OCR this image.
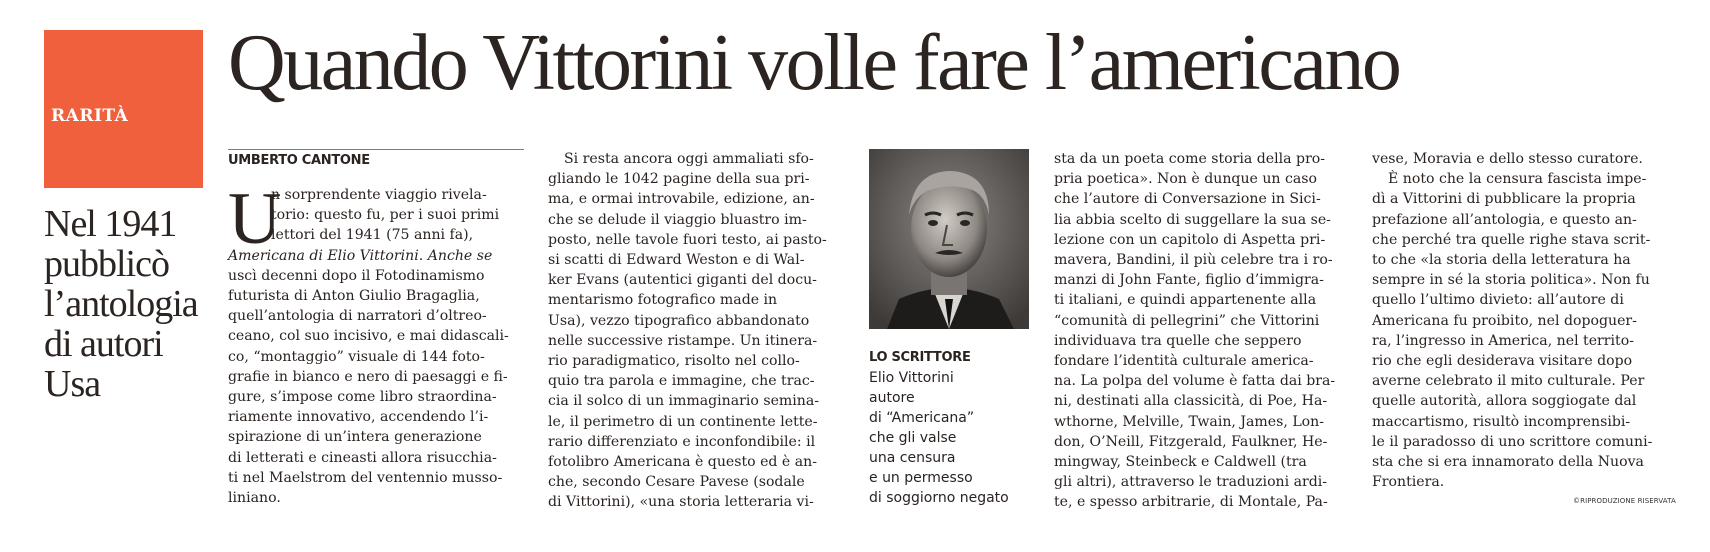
RARITÀ
Quando Vittorini volle fare l’americano
Nel 1941
pubblicò
l’antologia
di autori
Usa
UMBERTO CANTONE
U

n sorprendente viaggio rivela-

torio: questo fu, per i suoi primi

lettori del 1941 (75 anni fa),

Americana di Elio Vittorini. Anche se

uscì decenni dopo il Fotodinamismo

futurista di Anton Giulio Bragaglia,

quell’antologia di narratori d’oltreo-

ceano, col suo incisivo, e mai didascali-

co, “montaggio” visuale di 144 foto-

grafie in bianco e nero di paesaggi e fi-

gure, s’impose come libro straordina-

riamente innovativo, accendendo l’i-

spirazione di un’intera generazione

di letterati e cineasti allora risucchia-

ti nel Maelstrom del ventennio musso-

liniano.

Si resta ancora oggi ammaliati sfo-

gliando le 1042 pagine della sua pri-

ma, e ormai introvabile, edizione, an-

che se delude il viaggio bluastro im-

posto, nelle tavole fuori testo, ai pasto-

si scatti di Edward Weston e di Wal-

ker Evans (autentici giganti del docu-

mentarismo fotografico made in

Usa), vezzo tipografico abbandonato

nelle successive ristampe. Un itinera-

rio paradigmatico, risolto nel collo-

quio tra parola e immagine, che trac-

cia il solco di un immaginario semina-

le, il perimetro di un continente lette-

rario differenziato e inconfondibile: il

fotolibro Americana è questo ed è an-

che, secondo Cesare Pavese (sodale

di Vittorini), «una storia letteraria vi-

LO SCRITTORE

Elio Vittorini

autore

di “Americana”

che gli valse

una censura

e un permesso

di soggiorno negato

sta da un poeta come storia della pro-

pria poetica». Non è dunque un caso

che l’autore di Conversazione in Sici-

lia abbia scelto di suggellare la sua se-

lezione con un capitolo di Aspetta pri-

mavera, Bandini, il più celebre tra i ro-

manzi di John Fante, figlio d’immigra-

ti italiani, e quindi appartenente alla

“comunità di pellegrini” che Vittorini

individuava tra quelle che seppero

fondare l’identità culturale america-

na. La polpa del volume è fatta dai bra-

ni, destinati alla classicità, di Poe, Ha-

wthorne, Melville, Twain, James, Lon-

don, O’Neill, Fitzgerald, Faulkner, He-

mingway, Steinbeck e Caldwell (tra

gli altri), attraverso le traduzioni ardi-

te, e spesso arbitrarie, di Montale, Pa-

vese, Moravia e dello stesso curatore.

È noto che la censura fascista impe-

dì a Vittorini di pubblicare la propria

prefazione all’antologia, e questo an-

che perché tra quelle righe stava scrit-

to che «la storia della letteratura ha

sempre in sé la storia politica». Non fu

quello l’ultimo divieto: all’autore di

Americana fu proibito, nel dopoguer-

ra, l’ingresso in America, nel territo-

rio che egli desiderava visitare dopo

averne celebrato il mito culturale. Per

quelle autorità, allora soggiogate dal

maccartismo, risultò incomprensibi-

le il paradosso di uno scrittore comuni-

sta che si era innamorato della Nuova

Frontiera.

©RIPRODUZIONE RISERVATA
